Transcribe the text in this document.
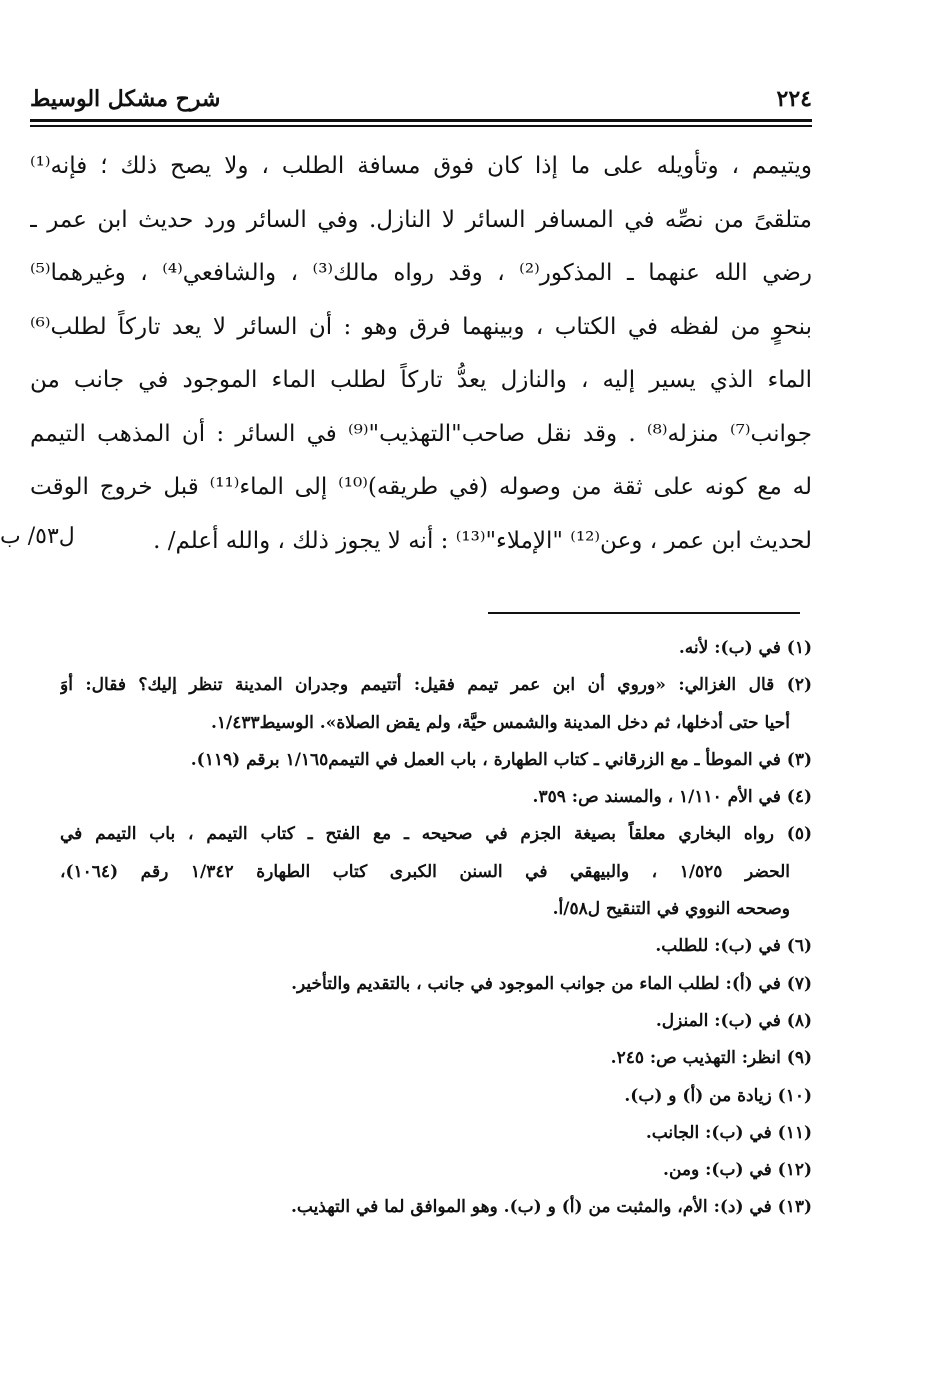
٢٢٤
شرح مشكل الوسيط
ويتيمم ، وتأويله على ما إذا كان فوق مسافة الطلب ، ولا يصح ذلك ؛ فإنه⁽¹⁾
متلقىً من نصِّه في المسافر السائر لا النازل. وفي السائر ورد حديث ابن عمر ـ
رضي الله عنهما ـ المذكور⁽²⁾ ، وقد رواه مالك⁽³⁾ ، والشافعي⁽⁴⁾ ، وغيرهما⁽⁵⁾
بنحوٍ من لفظه في الكتاب ، وبينهما فرق وهو : أن السائر لا يعد تاركاً لطلب⁽⁶⁾
الماء الذي يسير إليه ، والنازل يعدُّ تاركاً لطلب الماء الموجود في جانب من
جوانب⁽⁷⁾ منزله⁽⁸⁾ . وقد نقل صاحب"التهذيب"⁽⁹⁾ في السائر : أن المذهب التيمم
له مع كونه على ثقة من وصوله (في طريقه)⁽¹⁰⁾ إلى الماء⁽¹¹⁾ قبل خروج الوقت
لحديث ابن عمر ، وعن⁽¹²⁾ "الإملاء"⁽¹³⁾ : أنه لا يجوز ذلك ، والله أعلم/ .
ل٥٣/ ب
(١) في (ب): لأنه.
(٢) قال الغزالي: «وروي أن ابن عمر تيمم فقيل: أتتيمم وجدران المدينة تنظر إليك؟ فقال: أوَ
أحيا حتى أدخلها، ثم دخل المدينة والشمس حيَّة، ولم يقض الصلاة». الوسيط١/٤٣٣.
(٣) في الموطأ ـ مع الزرقاني ـ كتاب الطهارة ، باب العمل في التيمم١/١٦٥ برقم (١١٩).
(٤) في الأم ١/١١٠ ، والمسند ص: ٣٥٩.
(٥) رواه البخاري معلقاً بصيغة الجزم في صحيحه ـ مع الفتح ـ كتاب التيمم ، باب التيمم في
الحضر ١/٥٢٥ ، والبيهقي في السنن الكبرى كتاب الطهارة ١/٣٤٢ رقم (١٠٦٤)،
وصححه النووي في التنقيح ل٥٨/أ.
(٦) في (ب): للطلب.
(٧) في (أ): لطلب الماء من جوانب الموجود في جانب ، بالتقديم والتأخير.
(٨) في (ب): المنزل.
(٩) انظر: التهذيب ص: ٢٤٥.
(١٠) زيادة من (أ) و (ب).
(١١) في (ب): الجانب.
(١٢) في (ب): ومن.
(١٣) في (د): الأم، والمثبت من (أ) و (ب). وهو الموافق لما في التهذيب.
